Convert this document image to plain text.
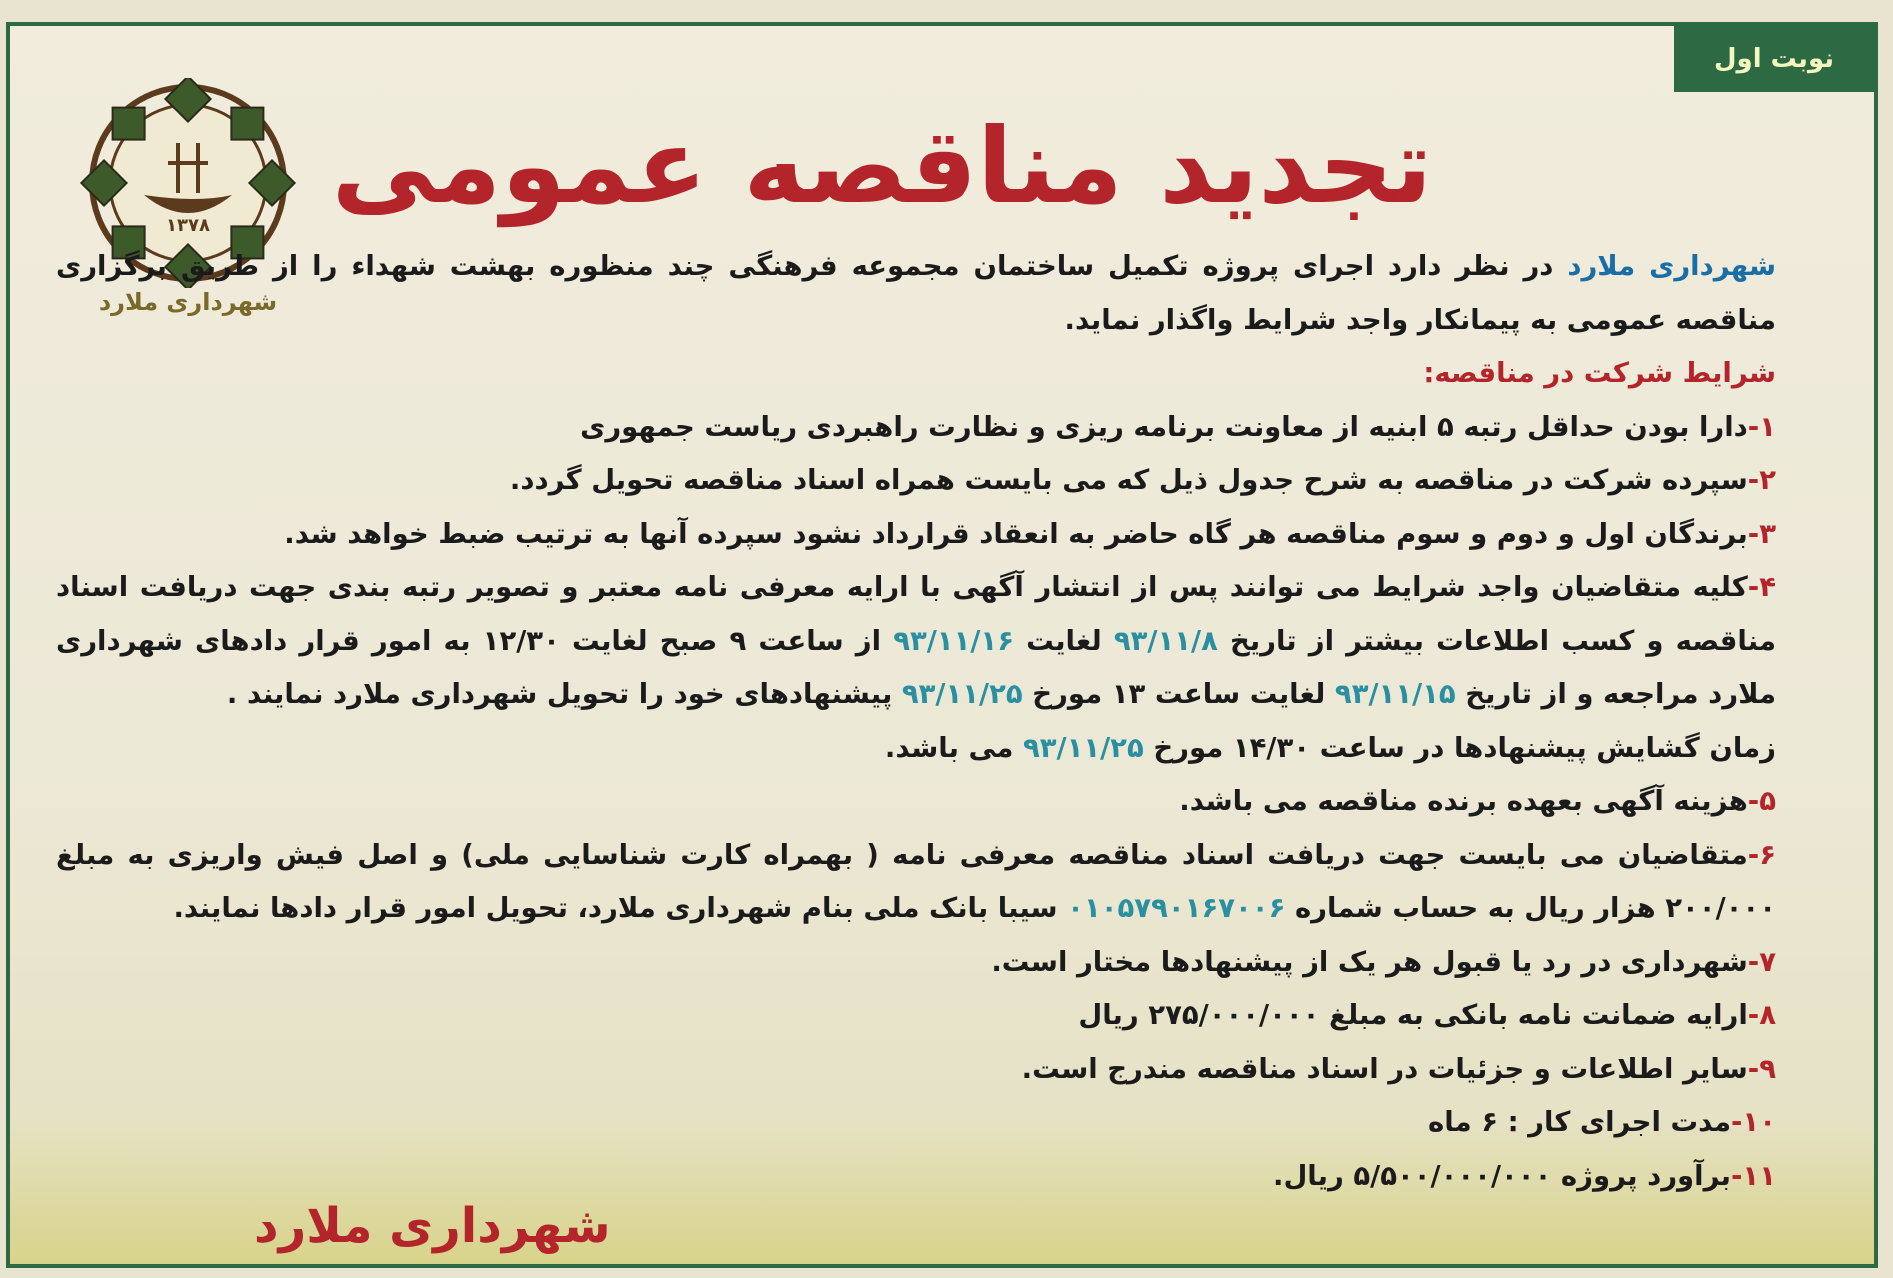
نوبت اول
تجدید مناقصه عمومی
۱۳۷۸
شهرداری ملارد

شهرداری ملارد در نظر دارد اجرای پروژه تکمیل ساختمان مجموعه فرهنگی چند منظوره بهشت شهداء را از طریق برگزاری مناقصه عمومی به پیمانکار واجد شرایط واگذار نماید.

شرایط شرکت در مناقصه:

۱-دارا بودن حداقل رتبه ۵ ابنیه از معاونت برنامه ریزی و نظارت راهبردی ریاست جمهوری

۲-سپرده شرکت در مناقصه به شرح جدول ذیل که می بایست همراه اسناد مناقصه تحویل گردد.

۳-برندگان اول و دوم و سوم مناقصه هر گاه حاضر به انعقاد قرارداد نشود سپرده آنها به ترتیب ضبط خواهد شد.

۴-کلیه متقاضیان واجد شرایط می توانند پس از انتشار آگهی با ارایه معرفی نامه معتبر و تصویر رتبه بندی جهت دریافت اسناد مناقصه و کسب اطلاعات بیشتر از تاریخ ۹۳/۱۱/۸ لغایت ۹۳/۱۱/۱۶ از ساعت ۹ صبح لغایت ۱۲/۳۰ به امور قرار دادهای شهرداری ملارد مراجعه و از تاریخ ۹۳/۱۱/۱۵ لغایت ساعت ۱۳ مورخ ۹۳/۱۱/۲۵ پیشنهادهای خود را تحویل شهرداری ملارد نمایند .

زمان گشایش پیشنهادها در ساعت ۱۴/۳۰ مورخ ۹۳/۱۱/۲۵ می باشد.

۵-هزینه آگهی بعهده برنده مناقصه می باشد.

۶-متقاضیان می بایست جهت دریافت اسناد مناقصه معرفی نامه ( بهمراه کارت شناسایی ملی) و اصل فیش واریزی به مبلغ ۲۰۰/۰۰۰ هزار ریال به حساب شماره ۰۱۰۵۷۹۰۱۶۷۰۰۶ سیبا بانک ملی بنام شهرداری ملارد، تحویل امور قرار دادها نمایند.

۷-شهرداری در رد یا قبول هر یک از پیشنهادها مختار است.

۸-ارایه ضمانت نامه بانکی به مبلغ ۲۷۵/۰۰۰/۰۰۰ ریال

۹-سایر اطلاعات و جزئیات در اسناد مناقصه مندرج است.

۱۰-مدت اجرای کار : ۶ ماه

۱۱-برآورد پروژه ۵/۵۰۰/۰۰۰/۰۰۰ ریال.

شهرداری ملارد
